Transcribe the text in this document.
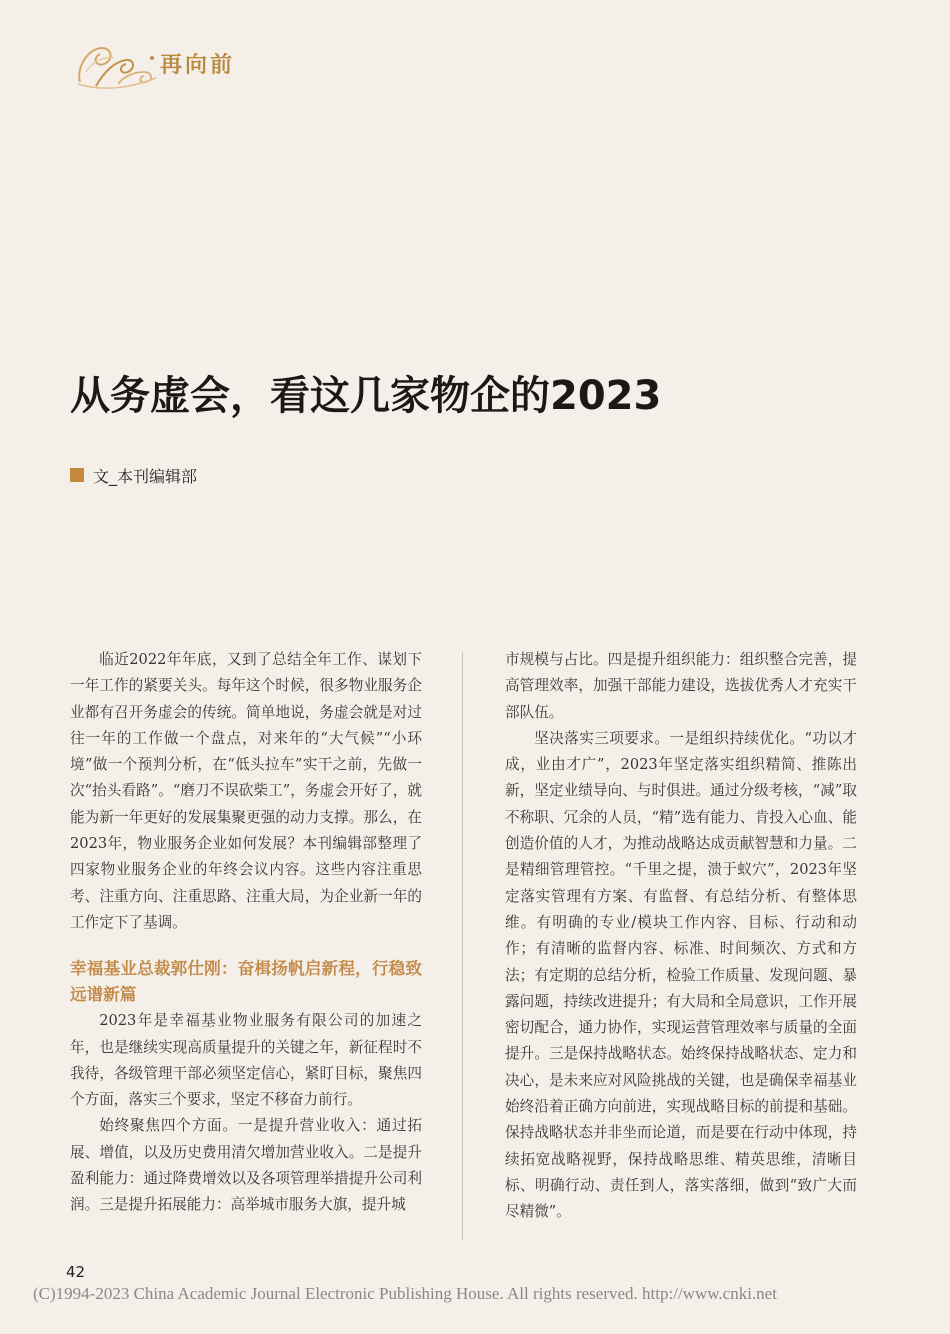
再向前
从务虚会，看这几家物企的2023
文_本刊编辑部

临近2022年年底，又到了总结全年工作、谋划下一年工作的紧要关头。每年这个时候，很多物业服务企业都有召开务虚会的传统。简单地说，务虚会就是对过往一年的工作做一个盘点，对来年的“大气候”“小环境”做一个预判分析，在“低头拉车”实干之前，先做一次“抬头看路”。“磨刀不误砍柴工”，务虚会开好了，就能为新一年更好的发展集聚更强的动力支撑。那么，在2023年，物业服务企业如何发展？本刊编辑部整理了四家物业服务企业的年终会议内容。这些内容注重思考、注重方向、注重思路、注重大局，为企业新一年的工作定下了基调。

幸福基业总裁郭仕刚：奋楫扬帆启新程，行稳致远谱新篇

2023年是幸福基业物业服务有限公司的加速之年，也是继续实现高质量提升的关键之年，新征程时不我待，各级管理干部必须坚定信心，紧盯目标，聚焦四个方面，落实三个要求，坚定不移奋力前行。

始终聚焦四个方面。一是提升营业收入：通过拓展、增值，以及历史费用清欠增加营业收入。二是提升盈利能力：通过降费增效以及各项管理举措提升公司利润。三是提升拓展能力：高举城市服务大旗，提升城

市规模与占比。四是提升组织能力：组织整合完善，提高管理效率，加强干部能力建设，选拔优秀人才充实干部队伍。

坚决落实三项要求。一是组织持续优化。“功以才成，业由才广”，2023年坚定落实组织精简、推陈出新，坚定业绩导向、与时俱进。通过分级考核，“减”取不称职、冗余的人员，“精”选有能力、肯投入心血、能创造价值的人才，为推动战略达成贡献智慧和力量。二是精细管理管控。“千里之提，溃于蚁穴”，2023年坚定落实管理有方案、有监督、有总结分析、有整体思维。有明确的专业/模块工作内容、目标、行动和动作；有清晰的监督内容、标准、时间频次、方式和方法；有定期的总结分析，检验工作质量、发现问题、暴露问题，持续改进提升；有大局和全局意识，工作开展密切配合，通力协作，实现运营管理效率与质量的全面提升。三是保持战略状态。始终保持战略状态、定力和决心，是未来应对风险挑战的关键，也是确保幸福基业始终沿着正确方向前进，实现战略目标的前提和基础。保持战略状态并非坐而论道，而是要在行动中体现，持续拓宽战略视野，保持战略思维、精英思维，清晰目标、明确行动、责任到人，落实落细，做到“致广大而尽精微”。

42
(C)1994-2023 China Academic Journal Electronic Publishing House. All rights reserved. http://www.cnki.net
